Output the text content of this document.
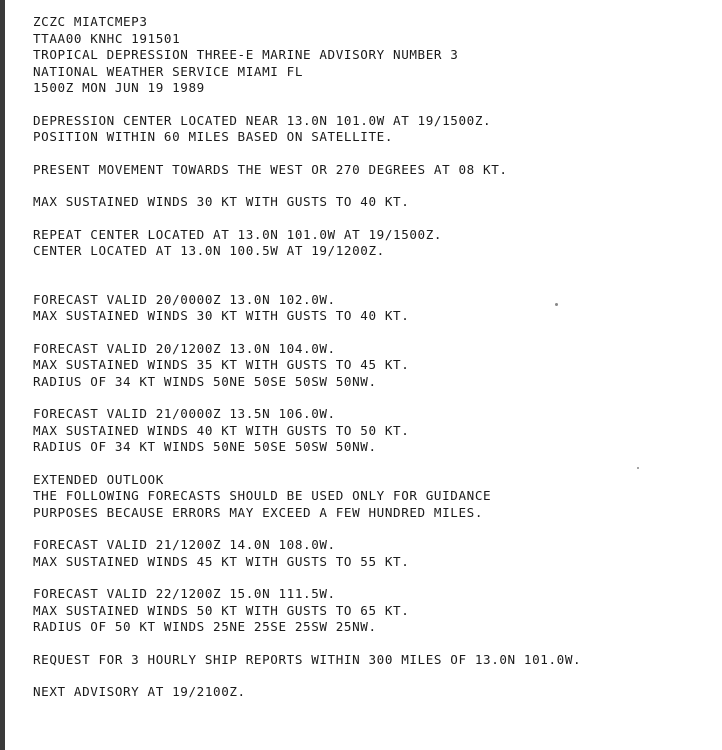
ZCZC MIATCMEP3
TTAA00 KNHC 191501
TROPICAL DEPRESSION THREE-E MARINE ADVISORY NUMBER 3
NATIONAL WEATHER SERVICE MIAMI FL
1500Z MON JUN 19 1989
DEPRESSION CENTER LOCATED NEAR 13.0N 101.0W AT 19/1500Z.
POSITION WITHIN 60 MILES BASED ON SATELLITE.
PRESENT MOVEMENT TOWARDS THE WEST OR 270 DEGREES AT 08 KT.
MAX SUSTAINED WINDS 30 KT WITH GUSTS TO 40 KT.
REPEAT CENTER LOCATED AT 13.0N 101.0W AT 19/1500Z.
CENTER LOCATED AT 13.0N 100.5W AT 19/1200Z.
FORECAST VALID 20/0000Z 13.0N 102.0W.
MAX SUSTAINED WINDS 30 KT WITH GUSTS TO 40 KT.
FORECAST VALID 20/1200Z 13.0N 104.0W.
MAX SUSTAINED WINDS 35 KT WITH GUSTS TO 45 KT.
RADIUS OF 34 KT WINDS 50NE 50SE 50SW 50NW.
FORECAST VALID 21/0000Z 13.5N 106.0W.
MAX SUSTAINED WINDS 40 KT WITH GUSTS TO 50 KT.
RADIUS OF 34 KT WINDS 50NE 50SE 50SW 50NW.
EXTENDED OUTLOOK
THE FOLLOWING FORECASTS SHOULD BE USED ONLY FOR GUIDANCE
PURPOSES BECAUSE ERRORS MAY EXCEED A FEW HUNDRED MILES.
FORECAST VALID 21/1200Z 14.0N 108.0W.
MAX SUSTAINED WINDS 45 KT WITH GUSTS TO 55 KT.
FORECAST VALID 22/1200Z 15.0N 111.5W.
MAX SUSTAINED WINDS 50 KT WITH GUSTS TO 65 KT.
RADIUS OF 50 KT WINDS 25NE 25SE 25SW 25NW.
REQUEST FOR 3 HOURLY SHIP REPORTS WITHIN 300 MILES OF 13.0N 101.0W.
NEXT ADVISORY AT 19/2100Z.
